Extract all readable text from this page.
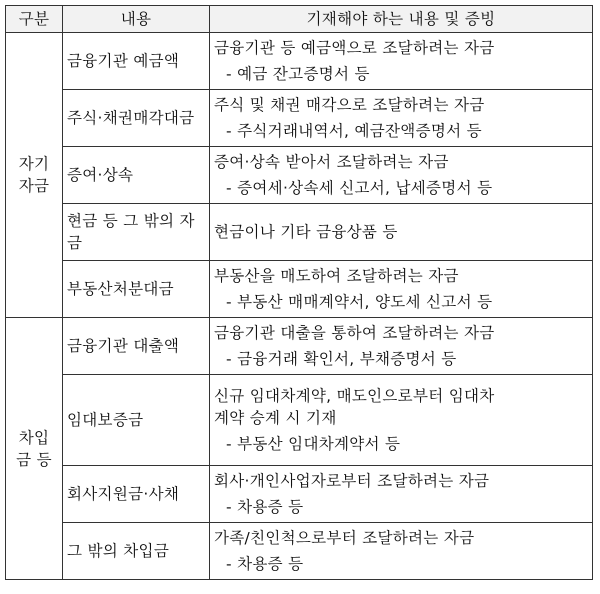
구분	내용	기재해야 하는 내용 및 증빙

자기
자금	금융기관 예금액	금융기관 등 예금액으로 조달하려는 자금
- 예금 잔고증명서 등

	주식·채권매각대금	주식 및 채권 매각으로 조달하려는 자금
- 주식거래내역서, 예금잔액증명서 등

	증여·상속	증여·상속 받아서 조달하려는 자금
- 증여세·상속세 신고서, 납세증명서 등

	현금 등 그 밖의 자금	현금이나 기타 금융상품 등

	부동산처분대금	부동산을 매도하여 조달하려는 자금
- 부동산 매매계약서, 양도세 신고서 등

차입
금 등	금융기관 대출액	금융기관 대출을 통하여 조달하려는 자금
- 금융거래 확인서, 부채증명서 등

	임대보증금	신규 임대차계약, 매도인으로부터 임대차
계약 승계 시 기재
- 부동산 임대차계약서 등

	회사지원금·사채	회사·개인사업자로부터 조달하려는 자금
- 차용증 등

	그 밖의 차입금	가족/친인척으로부터 조달하려는 자금
- 차용증 등
